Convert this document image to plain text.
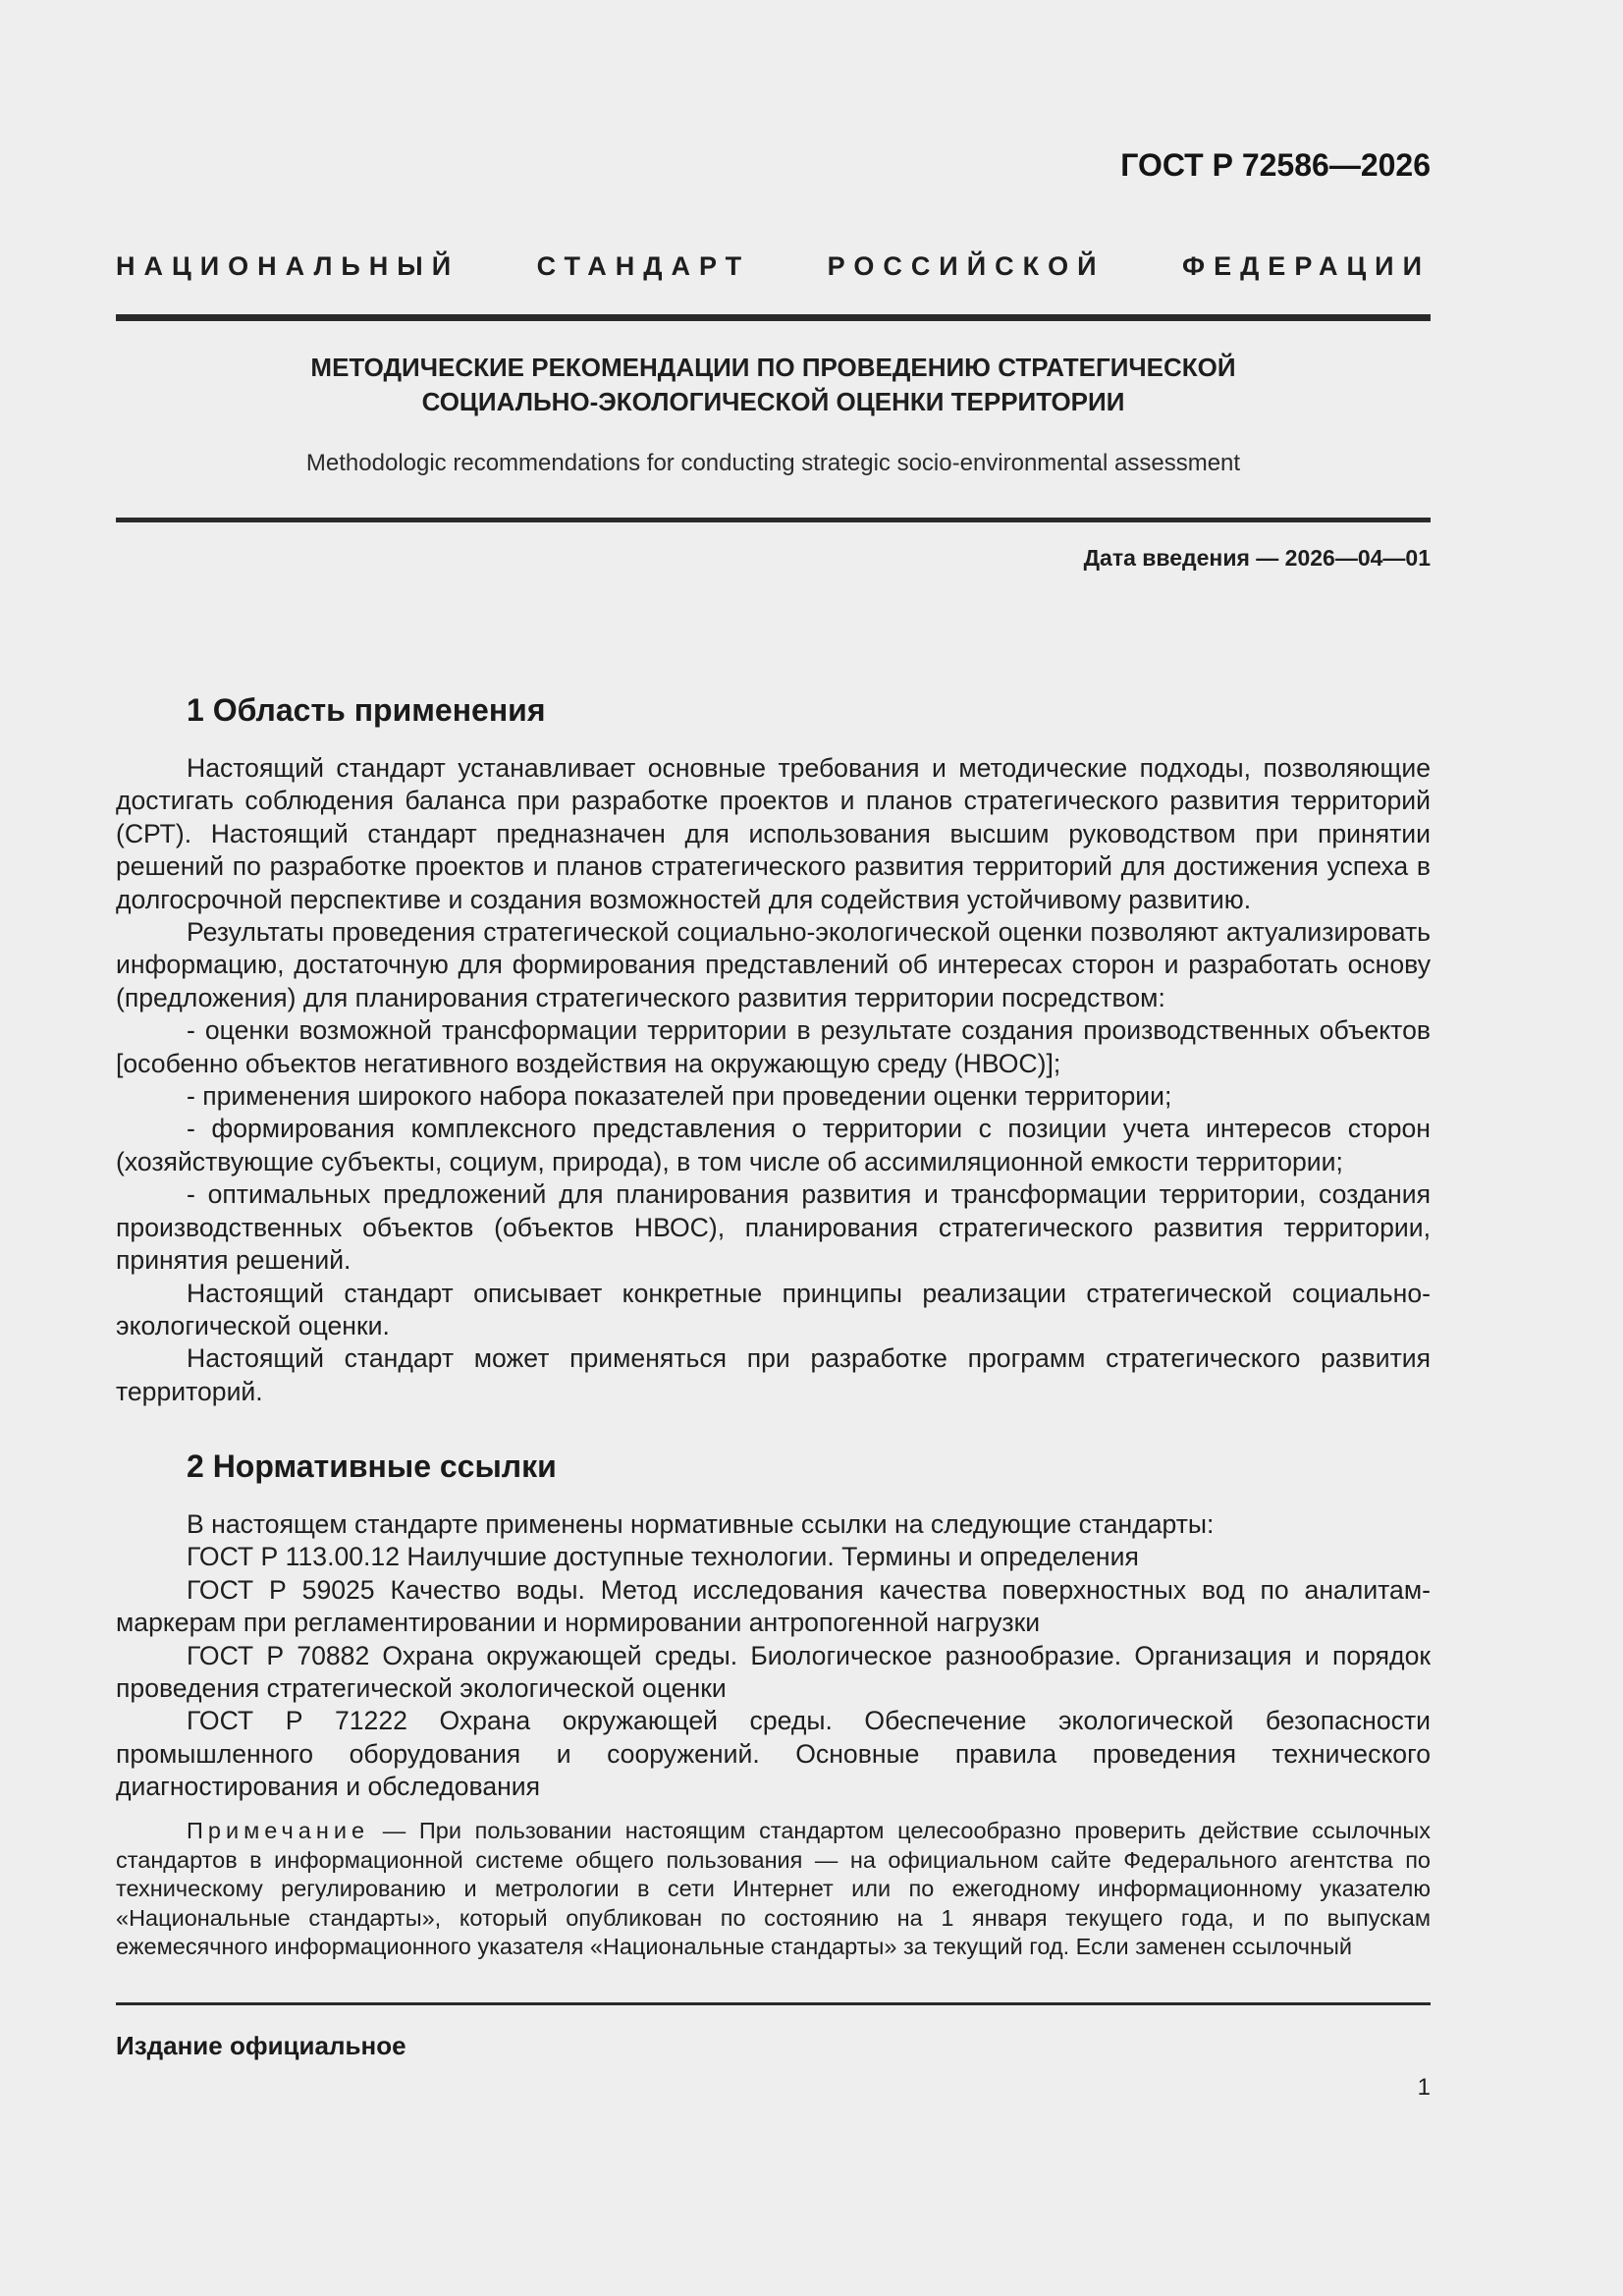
ГОСТ Р 72586—2026
НАЦИОНАЛЬНЫЙ СТАНДАРТ РОССИЙСКОЙ ФЕДЕРАЦИИ
МЕТОДИЧЕСКИЕ РЕКОМЕНДАЦИИ ПО ПРОВЕДЕНИЮ СТРАТЕГИЧЕСКОЙ
СОЦИАЛЬНО-ЭКОЛОГИЧЕСКОЙ ОЦЕНКИ ТЕРРИТОРИИ
Methodologic recommendations for conducting strategic socio-environmental assessment
Дата введения — 2026—04—01
1 Область применения

Настоящий стандарт устанавливает основные требования и методические подходы, позволяющие достигать соблюдения баланса при разработке проектов и планов стратегического развития территорий (СРТ). Настоящий стандарт предназначен для использования высшим руководством при принятии решений по разработке проектов и планов стратегического развития территорий для достижения успеха в долгосрочной перспективе и создания возможностей для содействия устойчивому развитию.

Результаты проведения стратегической социально-экологической оценки позволяют актуализировать информацию, достаточную для формирования представлений об интересах сторон и разработать основу (предложения) для планирования стратегического развития территории посредством:

- оценки возможной трансформации территории в результате создания производственных объектов [особенно объектов негативного воздействия на окружающую среду (НВОС)];

- применения широкого набора показателей при проведении оценки территории;

- формирования комплексного представления о территории с позиции учета интересов сторон (хозяйствующие субъекты, социум, природа), в том числе об ассимиляционной емкости территории;

- оптимальных предложений для планирования развития и трансформации территории, создания производственных объектов (объектов НВОС), планирования стратегического развития территории, принятия решений.

Настоящий стандарт описывает конкретные принципы реализации стратегической социально-экологической оценки.

Настоящий стандарт может применяться при разработке программ стратегического развития территорий.

2 Нормативные ссылки

В настоящем стандарте применены нормативные ссылки на следующие стандарты:

ГОСТ Р 113.00.12 Наилучшие доступные технологии. Термины и определения

ГОСТ Р 59025 Качество воды. Метод исследования качества поверхностных вод по аналитам-маркерам при регламентировании и нормировании антропогенной нагрузки

ГОСТ Р 70882 Охрана окружающей среды. Биологическое разнообразие. Организация и порядок проведения стратегической экологической оценки

ГОСТ Р 71222 Охрана окружающей среды. Обеспечение экологической безопасности промышленного оборудования и сооружений. Основные правила проведения технического диагностирования и обследования

Примечание — При пользовании настоящим стандартом целесообразно проверить действие ссылочных стандартов в информационной системе общего пользования — на официальном сайте Федерального агентства по техническому регулированию и метрологии в сети Интернет или по ежегодному информационному указателю «Национальные стандарты», который опубликован по состоянию на 1 января текущего года, и по выпускам ежемесячного информационного указателя «Национальные стандарты» за текущий год. Если заменен ссылочный
Издание официальное
1
